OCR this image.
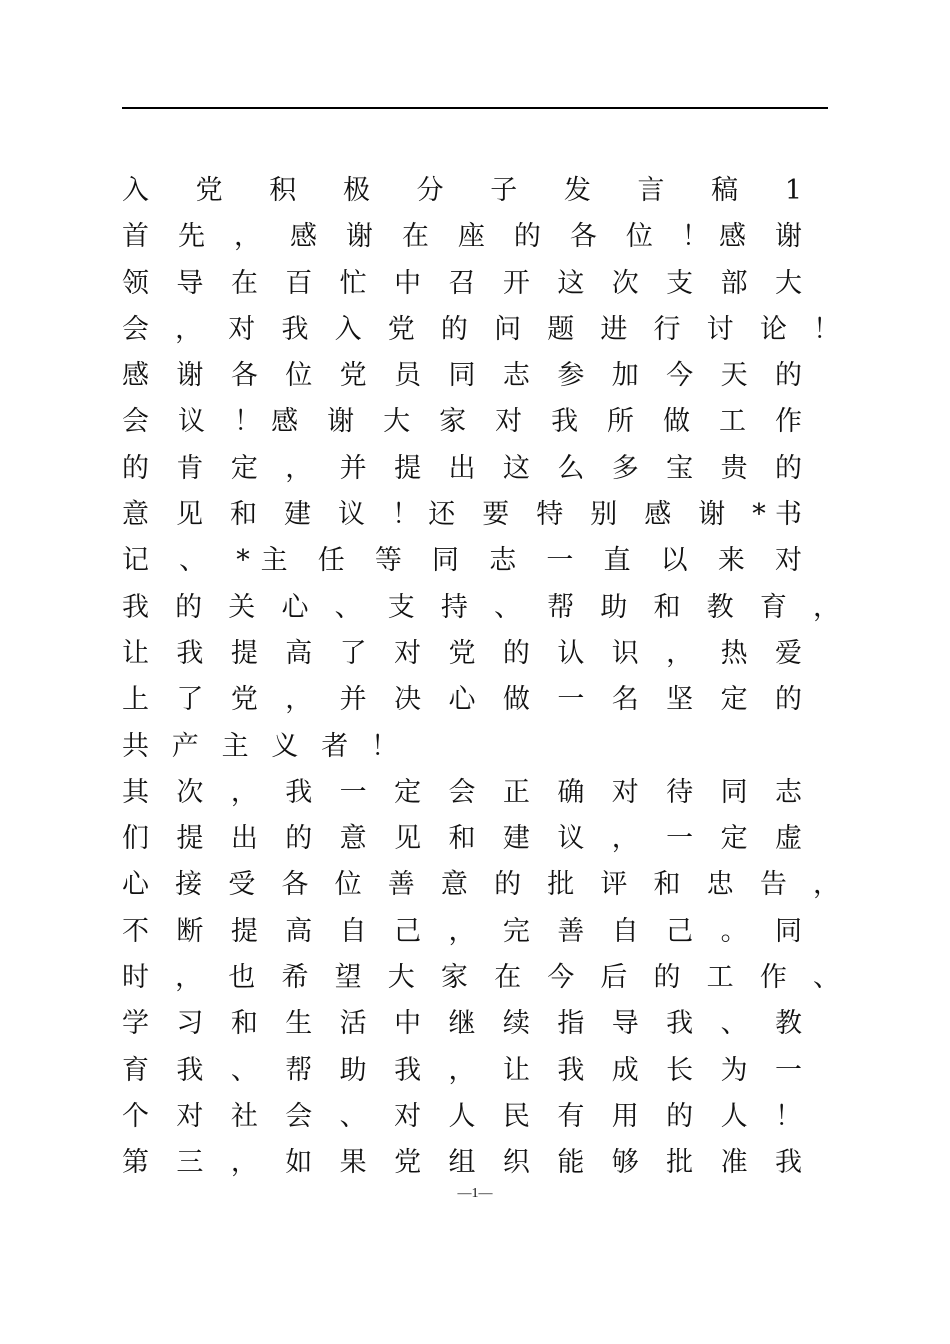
入 党 积 极 分 子 发 言 稿 1
首 先 ， 感 谢 在 座 的 各 位 ！感 谢
领 导 在 百 忙 中 召 开 这 次 支 部 大
会 ， 对 我 入 党 的 问 题 进 行 讨 论 ！
感 谢 各 位 党 员 同 志 参 加 今 天 的
会 议 ！感 谢 大 家 对 我 所 做 工 作
的 肯 定 ， 并 提 出 这 么 多 宝 贵 的
意 见 和 建 议 ！还 要 特 别 感 谢 *书
记 、 *主 任 等 同 志 一 直 以 来 对
我 的 关 心 、 支 持 、 帮 助 和 教 育 ，
让 我 提 高 了 对 党 的 认 识 ， 热 爱
上 了 党 ， 并 决 心 做 一 名 坚 定 的
共 产 主 义 者 ！
其 次 ， 我 一 定 会 正 确 对 待 同 志
们 提 出 的 意 见 和 建 议 ， 一 定 虚
心 接 受 各 位 善 意 的 批 评 和 忠 告 ，
不 断 提 高 自 己 ， 完 善 自 己 。 同
时 ， 也 希 望 大 家 在 今 后 的 工 作 、
学 习 和 生 活 中 继 续 指 导 我 、 教
育 我 、 帮 助 我 ， 让 我 成 长 为 一
个 对 社 会 、 对 人 民 有 用 的 人 ！
第 三 ， 如 果 党 组 织 能 够 批 准 我
—1—
